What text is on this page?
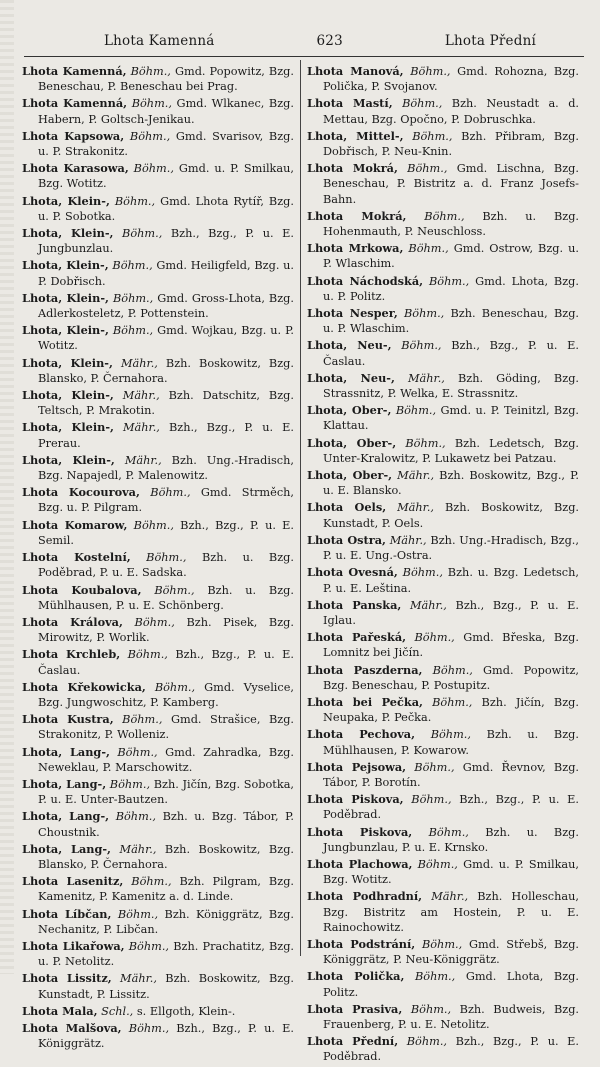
Lhota Kamenná	623	Lhota Přední
Lhota Kamenná, Böhm., Gmd. Popowitz, Bzg. Beneschau, P. Beneschau bei Prag.
Lhota Kamenná, Böhm., Gmd. Wlkanec, Bzg. Habern, P. Goltsch-Jenikau.
Lhota Kapsowa, Böhm., Gmd. Svarisov, Bzg. u. P. Strakonitz.
Lhota Karasowa, Böhm., Gmd. u. P. Smilkau, Bzg. Wotitz.
Lhota, Klein-, Böhm., Gmd. Lhota Rytíř, Bzg. u. P. Sobotka.
Lhota, Klein-, Böhm., Bzh., Bzg., P. u. E. Jungbunzlau.
Lhota, Klein-, Böhm., Gmd. Heiligfeld, Bzg. u. P. Dobřisch.
Lhota, Klein-, Böhm., Gmd. Gross-Lhota, Bzg. Adlerkosteletz, P. Pottenstein.
Lhota, Klein-, Böhm., Gmd. Wojkau, Bzg. u. P. Wotitz.
Lhota, Klein-, Mähr., Bzh. Boskowitz, Bzg. Blansko, P. Černahora.
Lhota, Klein-, Mähr., Bzh. Datschitz, Bzg. Teltsch, P. Mrakotin.
Lhota, Klein-, Mähr., Bzh., Bzg., P. u. E. Prerau.
Lhota, Klein-, Mähr., Bzh. Ung.-Hradisch, Bzg. Napajedl, P. Malenowitz.
Lhota Kocourova, Böhm., Gmd. Strměch, Bzg. u. P. Pilgram.
Lhota Komarow, Böhm., Bzh., Bzg., P. u. E. Semil.
Lhota Kostelní, Böhm., Bzh. u. Bzg. Poděbrad, P. u. E. Sadska.
Lhota Koubalova, Böhm., Bzh. u. Bzg. Mühlhausen, P. u. E. Schönberg.
Lhota Králova, Böhm., Bzh. Pisek, Bzg. Mirowitz, P. Worlik.
Lhota Krchleb, Böhm., Bzh., Bzg., P. u. E. Časlau.
Lhota Křekowicka, Böhm., Gmd. Vyselice, Bzg. Jungwoschitz, P. Kamberg.
Lhota Kustra, Böhm., Gmd. Strašice, Bzg. Strakonitz, P. Wolleniz.
Lhota, Lang-, Böhm., Gmd. Zahradka, Bzg. Neweklau, P. Marschowitz.
Lhota, Lang-, Böhm., Bzh. Jičín, Bzg. Sobotka, P. u. E. Unter-Bautzen.
Lhota, Lang-, Böhm., Bzh. u. Bzg. Tábor, P. Choustnik.
Lhota, Lang-, Mähr., Bzh. Boskowitz, Bzg. Blansko, P. Černahora.
Lhota Lasenitz, Böhm., Bzh. Pilgram, Bzg. Kamenitz, P. Kamenitz a. d. Linde.
Lhota Líbčan, Böhm., Bzh. Königgrätz, Bzg. Nechanitz, P. Libčan.
Lhota Likařowa, Böhm., Bzh. Prachatitz, Bzg. u. P. Netolitz.
Lhota Lissitz, Mähr., Bzh. Boskowitz, Bzg. Kunstadt, P. Lissitz.
Lhota Mala, Schl., s. Ellgoth, Klein-.
Lhota Malšova, Böhm., Bzh., Bzg., P. u. E. Königgrätz.
Lhota Manová, Böhm., Gmd. Rohozna, Bzg. Polička, P. Svojanov.
Lhota Mastí, Böhm., Bzh. Neustadt a. d. Mettau, Bzg. Opočno, P. Dobruschka.
Lhota, Mittel-, Böhm., Bzh. Přibram, Bzg. Dobřisch, P. Neu-Knin.
Lhota Mokrá, Böhm., Gmd. Lischna, Bzg. Beneschau, P. Bistritz a. d. Franz Josefs-Bahn.
Lhota Mokrá, Böhm., Bzh. u. Bzg. Hohenmauth, P. Neuschloss.
Lhota Mrkowa, Böhm., Gmd. Ostrow, Bzg. u. P. Wlaschim.
Lhota Náchodská, Böhm., Gmd. Lhota, Bzg. u. P. Politz.
Lhota Nesper, Böhm., Bzh. Beneschau, Bzg. u. P. Wlaschim.
Lhota, Neu-, Böhm., Bzh., Bzg., P. u. E. Časlau.
Lhota, Neu-, Mähr., Bzh. Göding, Bzg. Strassnitz, P. Welka, E. Strassnitz.
Lhota, Ober-, Böhm., Gmd. u. P. Teinitzl, Bzg. Klattau.
Lhota, Ober-, Böhm., Bzh. Ledetsch, Bzg. Unter-Kralowitz, P. Lukawetz bei Patzau.
Lhota, Ober-, Mähr., Bzh. Boskowitz, Bzg., P. u. E. Blansko.
Lhota Oels, Mähr., Bzh. Boskowitz, Bzg. Kunstadt, P. Oels.
Lhota Ostra, Mähr., Bzh. Ung.-Hradisch, Bzg., P. u. E. Ung.-Ostra.
Lhota Ovesná, Böhm., Bzh. u. Bzg. Ledetsch, P. u. E. Leština.
Lhota Panska, Mähr., Bzh., Bzg., P. u. E. Iglau.
Lhota Pařeská, Böhm., Gmd. Břeska, Bzg. Lomnitz bei Jičín.
Lhota Paszderna, Böhm., Gmd. Popowitz, Bzg. Beneschau, P. Postupitz.
Lhota bei Pečka, Böhm., Bzh. Jičín, Bzg. Neupaka, P. Pečka.
Lhota Pechova, Böhm., Bzh. u. Bzg. Mühlhausen, P. Kowarow.
Lhota Pejsowa, Böhm., Gmd. Řevnov, Bzg. Tábor, P. Borotín.
Lhota Piskova, Böhm., Bzh., Bzg., P. u. E. Poděbrad.
Lhota Piskova, Böhm., Bzh. u. Bzg. Jungbunzlau, P. u. E. Krnsko.
Lhota Plachowa, Böhm., Gmd. u. P. Smilkau, Bzg. Wotitz.
Lhota Podhradní, Mähr., Bzh. Holleschau, Bzg. Bistritz am Hostein, P. u. E. Rainochowitz.
Lhota Podstrání, Böhm., Gmd. Střebš, Bzg. Königgrätz, P. Neu-Königgrätz.
Lhota Polička, Böhm., Gmd. Lhota, Bzg. Politz.
Lhota Prasiva, Böhm., Bzh. Budweis, Bzg. Frauenberg, P. u. E. Netolitz.
Lhota Přední, Böhm., Bzh., Bzg., P. u. E. Poděbrad.
